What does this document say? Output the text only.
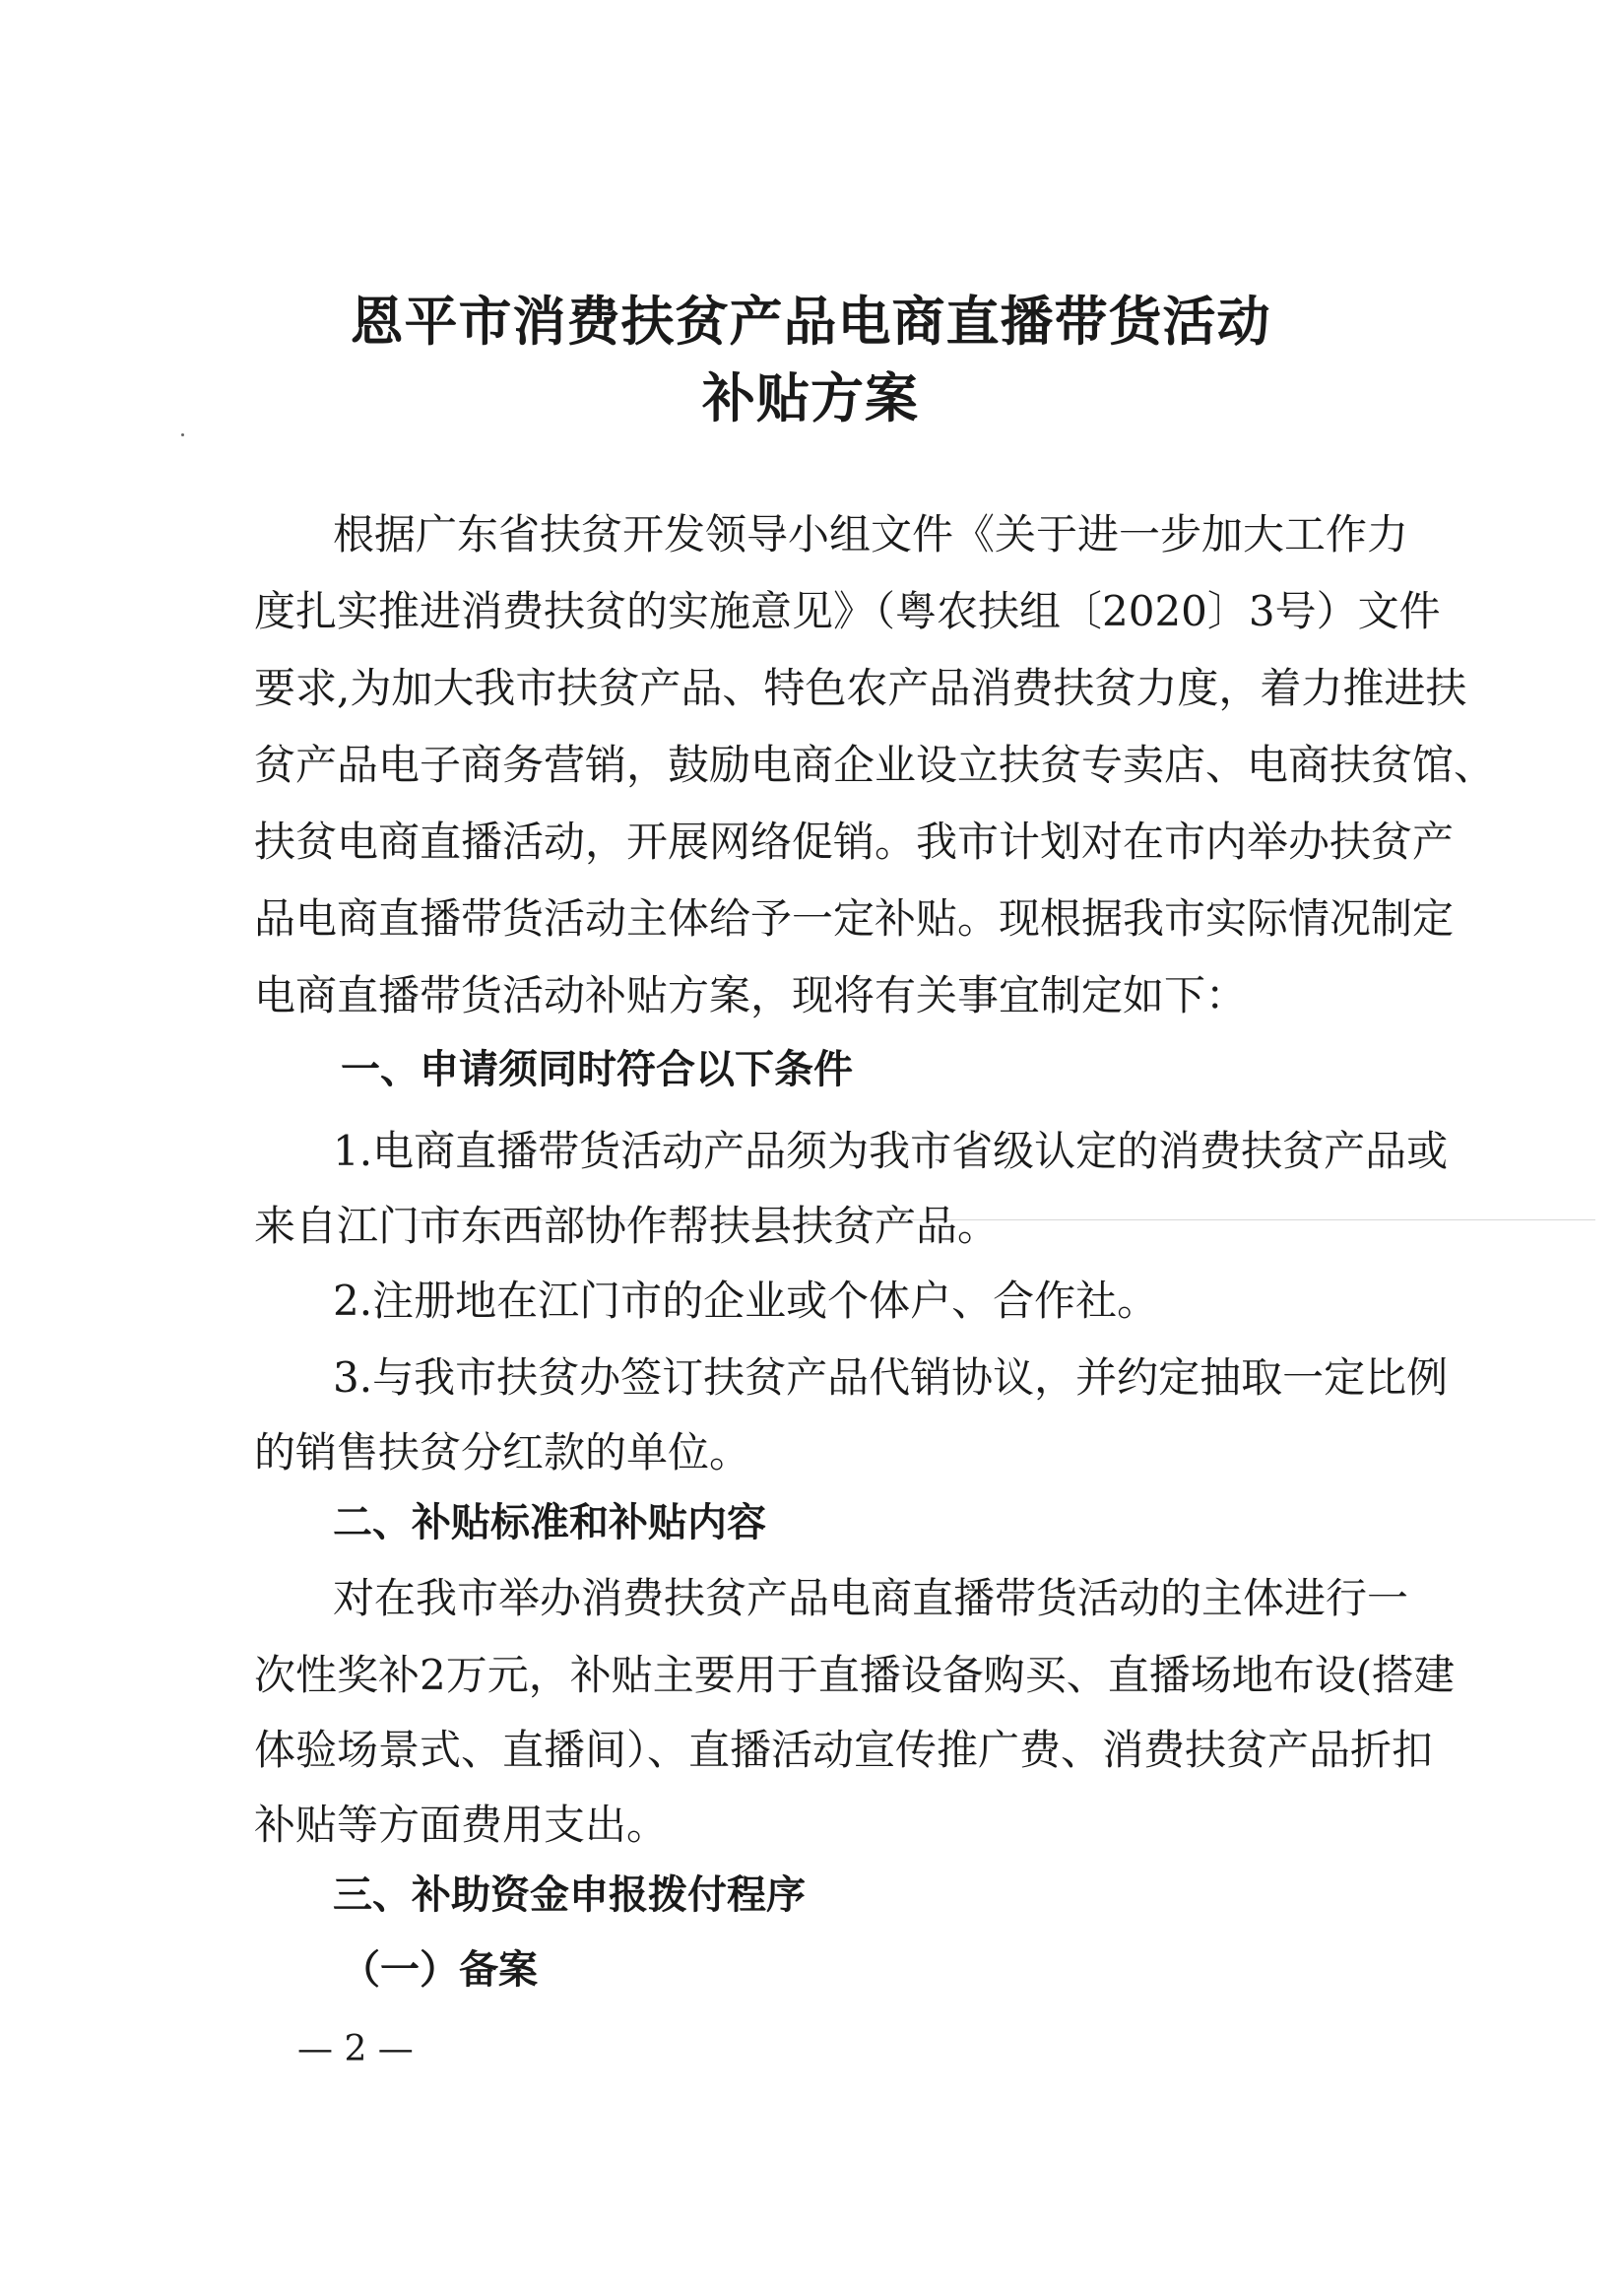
恩平市消费扶贫产品电商直播带货活动
补贴方案
根据广东省扶贫开发领导小组文件《关于进一步加大工作力
度扎实推进消费扶贫的实施意见》（粤农扶组〔2020〕3号）文件
要求,为加大我市扶贫产品、特色农产品消费扶贫力度，着力推进扶
贫产品电子商务营销，鼓励电商企业设立扶贫专卖店、电商扶贫馆、
扶贫电商直播活动，开展网络促销。我市计划对在市内举办扶贫产
品电商直播带货活动主体给予一定补贴。现根据我市实际情况制定
电商直播带货活动补贴方案，现将有关事宜制定如下：
一、申请须同时符合以下条件
1.电商直播带货活动产品须为我市省级认定的消费扶贫产品或
来自江门市东西部协作帮扶县扶贫产品。
2.注册地在江门市的企业或个体户、合作社。
3.与我市扶贫办签订扶贫产品代销协议，并约定抽取一定比例
的销售扶贫分红款的单位。
二、补贴标准和补贴内容
对在我市举办消费扶贫产品电商直播带货活动的主体进行一
次性奖补2万元，补贴主要用于直播设备购买、直播场地布设(搭建
体验场景式、直播间）、直播活动宣传推广费、消费扶贫产品折扣
补贴等方面费用支出。
三、补助资金申报拨付程序
（一）备案
— 2 —
